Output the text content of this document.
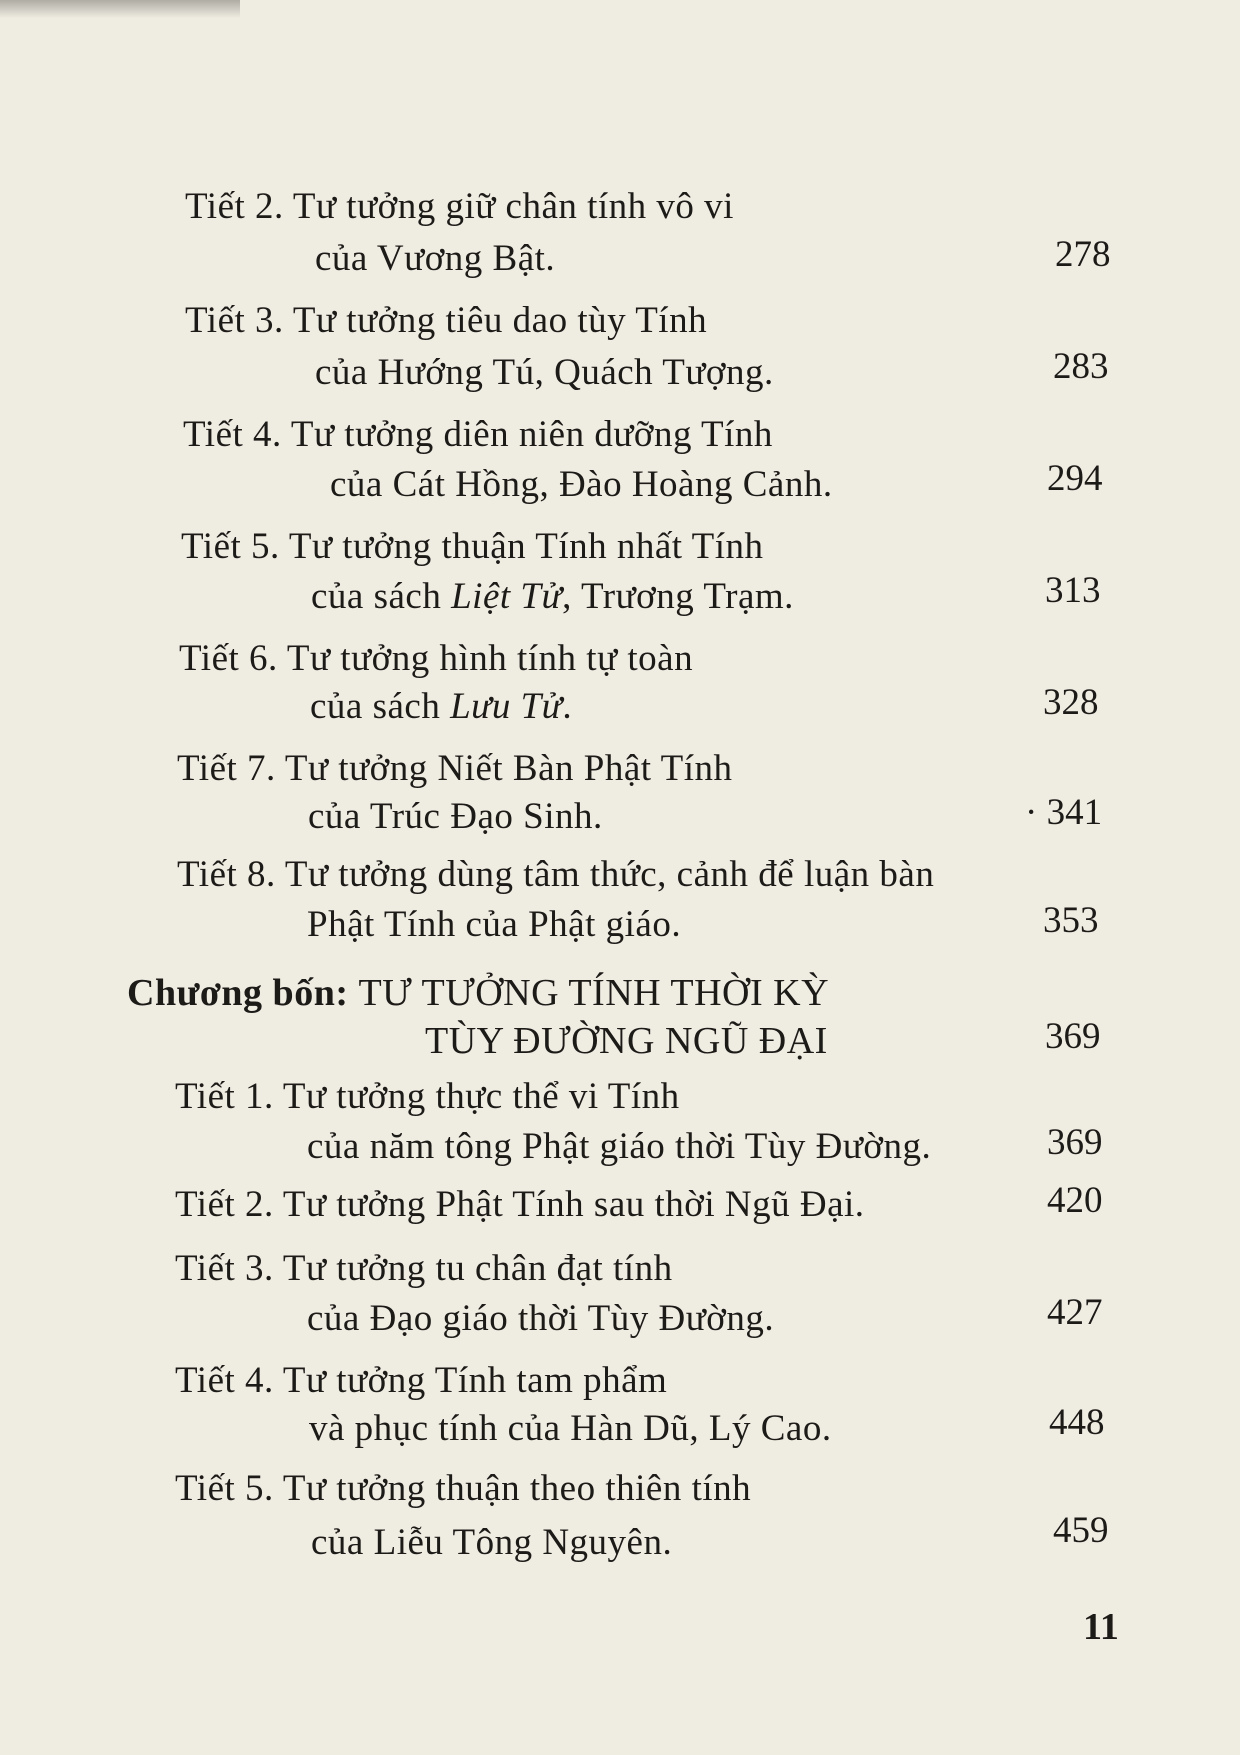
Tiết 2. Tư tưởng giữ chân tính vô vi
của Vương Bật.	278
Tiết 3. Tư tưởng tiêu dao tùy Tính
của Hướng Tú, Quách Tượng.	283
Tiết 4. Tư tưởng diên niên dưỡng Tính
của Cát Hồng, Đào Hoàng Cảnh.	294
Tiết 5. Tư tưởng thuận Tính nhất Tính
của sách Liệt Tử, Trương Trạm.	313
Tiết 6. Tư tưởng hình tính tự toàn
của sách Lưu Tử.	328
Tiết 7. Tư tưởng Niết Bàn Phật Tính
của Trúc Đạo Sinh.	· 341
Tiết 8. Tư tưởng dùng tâm thức, cảnh để luận bàn
Phật Tính của Phật giáo.	353
Chương bốn: TƯ TƯỞNG TÍNH THỜI KỲ
TÙY ĐƯỜNG NGŨ ĐẠI	369
Tiết 1. Tư tưởng thực thể vi Tính
của năm tông Phật giáo thời Tùy Đường.	369
Tiết 2. Tư tưởng Phật Tính sau thời Ngũ Đại.	420
Tiết 3. Tư tưởng tu chân đạt tính
của Đạo giáo thời Tùy Đường.	427
Tiết 4. Tư tưởng Tính tam phẩm
và phục tính của Hàn Dũ, Lý Cao.	448
Tiết 5. Tư tưởng thuận theo thiên tính
của Liễu Tông Nguyên.	459
11
